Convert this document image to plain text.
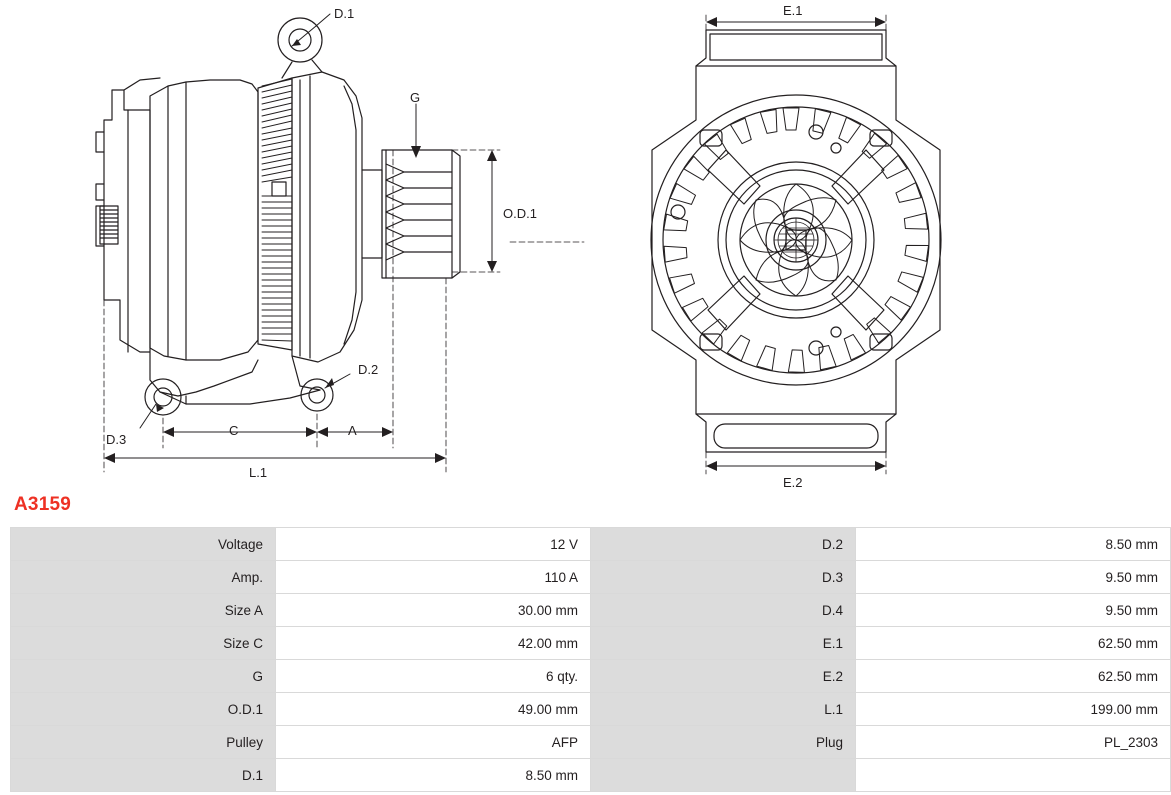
D.1
D.2
D.3
G
O.D.1
C	A
L.1
E.1
E.2
A3159
Voltage	12 V	D.2	8.50 mm
Amp.	110 A	D.3	9.50 mm
Size A	30.00 mm	D.4	9.50 mm
Size C	42.00 mm	E.1	62.50 mm
G	6 qty.	E.2	62.50 mm
O.D.1	49.00 mm	L.1	199.00 mm
Pulley	AFP	Plug	PL_2303
D.1	8.50 mm		
